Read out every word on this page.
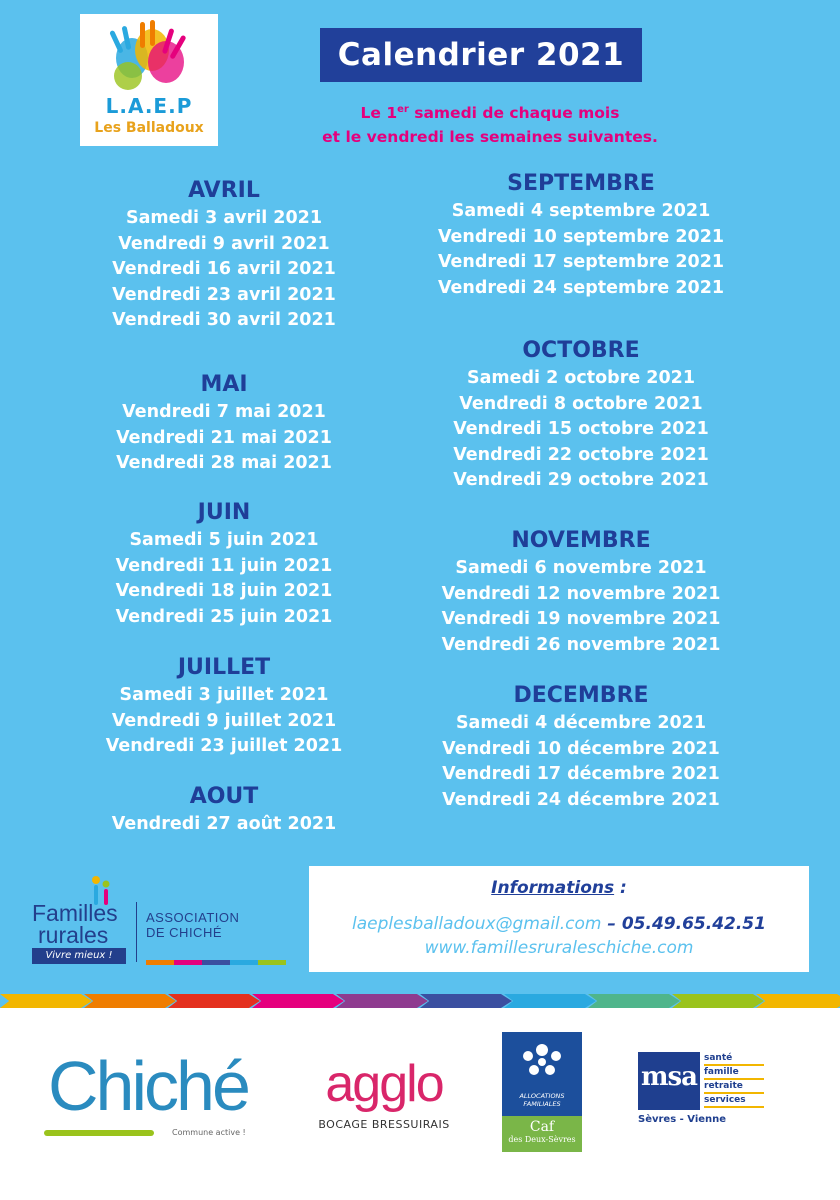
L.A.E.P
Les Balladoux
Calendrier 2021
Le 1er samedi de chaque mois
et le vendredi les semaines suivantes.
AVRIL
Samedi 3 avril 2021
Vendredi 9 avril 2021
Vendredi 16 avril 2021
Vendredi 23 avril 2021
Vendredi 30 avril 2021
MAI
Vendredi 7 mai 2021
Vendredi 21 mai 2021
Vendredi 28 mai 2021
JUIN
Samedi 5 juin 2021
Vendredi 11 juin 2021
Vendredi 18 juin 2021
Vendredi 25 juin 2021
JUILLET
Samedi 3 juillet 2021
Vendredi 9 juillet 2021
Vendredi 23 juillet 2021
AOUT
Vendredi 27 août 2021
SEPTEMBRE
Samedi 4 septembre 2021
Vendredi 10 septembre 2021
Vendredi 17 septembre 2021
Vendredi 24 septembre 2021
OCTOBRE
Samedi 2 octobre 2021
Vendredi 8 octobre 2021
Vendredi 15 octobre 2021
Vendredi 22 octobre 2021
Vendredi 29 octobre 2021
NOVEMBRE
Samedi 6 novembre 2021
Vendredi 12 novembre 2021
Vendredi 19 novembre 2021
Vendredi 26 novembre 2021
DECEMBRE
Samedi 4 décembre 2021
Vendredi 10 décembre 2021
Vendredi 17 décembre 2021
Vendredi 24 décembre 2021
Familles
rurales
Vivre mieux !
ASSOCIATION
DE CHICHÉ
Informations :
laeplesballadoux@gmail.com – 05.49.65.42.51
www.famillesruraleschiche.com
Chiché
Commune active !
agglo
BOCAGE BRESSUIRAIS
ALLOCATIONS
FAMILIALES
Caf
des Deux-Sèvres
msa
santé
famille
retraite
services
Sèvres - Vienne
